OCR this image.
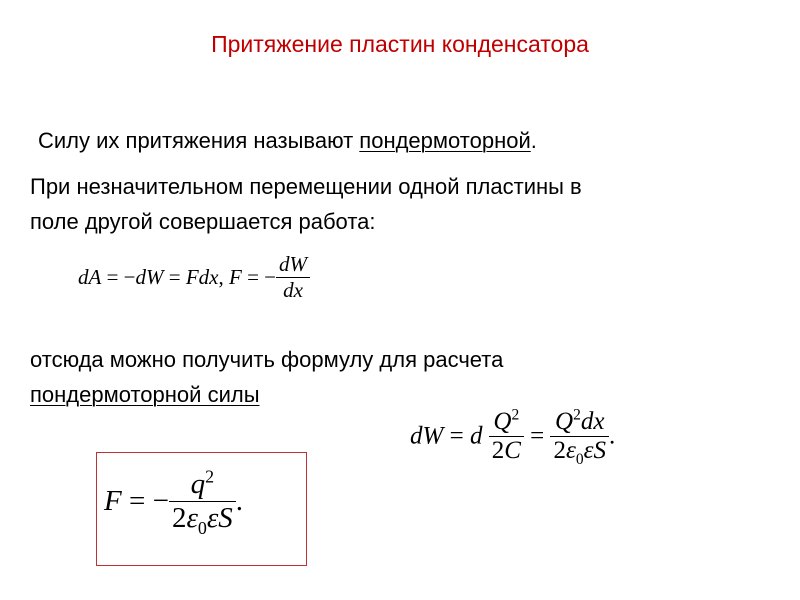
Притяжение пластин конденсатора
Силу их притяжения называют пондермоторной.
При незначительном перемещении одной пластины в
поле другой совершается работа:
dA = −dW = Fdx, F = − $\frac{dW}{dx}$
отсюда можно получить формулу для расчета
пондермоторной силы
dW = d $\frac{Q^2}{2C} = \frac{Q^2dx}{2\varepsilon_0\varepsilon S}$ .
F = − $\frac{q^2}{2\varepsilon_0\varepsilon S}$ .
